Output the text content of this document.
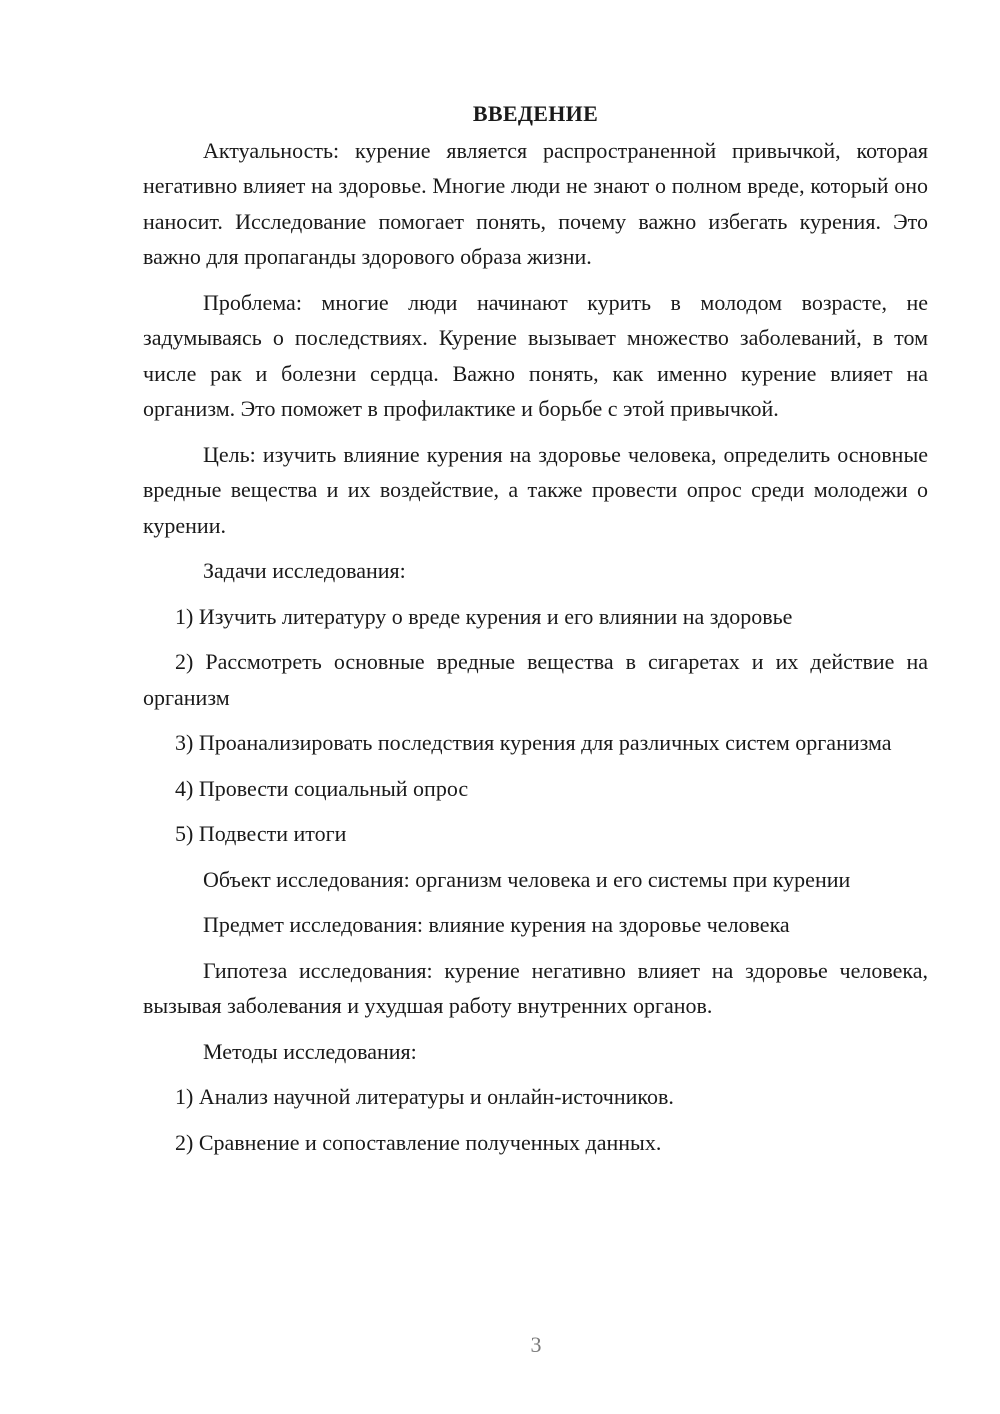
ВВЕДЕНИЕ

Актуальность: курение является распространенной привычкой, которая негативно влияет на здоровье. Многие люди не знают о полном вреде, который оно наносит. Исследование помогает понять, почему важно избегать курения. Это важно для пропаганды здорового образа жизни.

Проблема: многие люди начинают курить в молодом возрасте, не задумываясь о последствиях. Курение вызывает множество заболеваний, в том числе рак и болезни сердца. Важно понять, как именно курение влияет на организм. Это поможет в профилактике и борьбе с этой привычкой.

Цель: изучить влияние курения на здоровье человека, определить основные вредные вещества и их воздействие, а также провести опрос среди молодежи о курении.

Задачи исследования:

1) Изучить литературу о вреде курения и его влиянии на здоровье

2) Рассмотреть основные вредные вещества в сигаретах и их действие на организм

3) Проанализировать последствия курения для различных систем организма

4) Провести социальный опрос

5) Подвести итоги

Объект исследования: организм человека и его системы при курении

Предмет исследования: влияние курения на здоровье человека

Гипотеза исследования: курение негативно влияет на здоровье человека, вызывая заболевания и ухудшая работу внутренних органов.

Методы исследования:

1) Анализ научной литературы и онлайн-источников.

2) Сравнение и сопоставление полученных данных.

3
